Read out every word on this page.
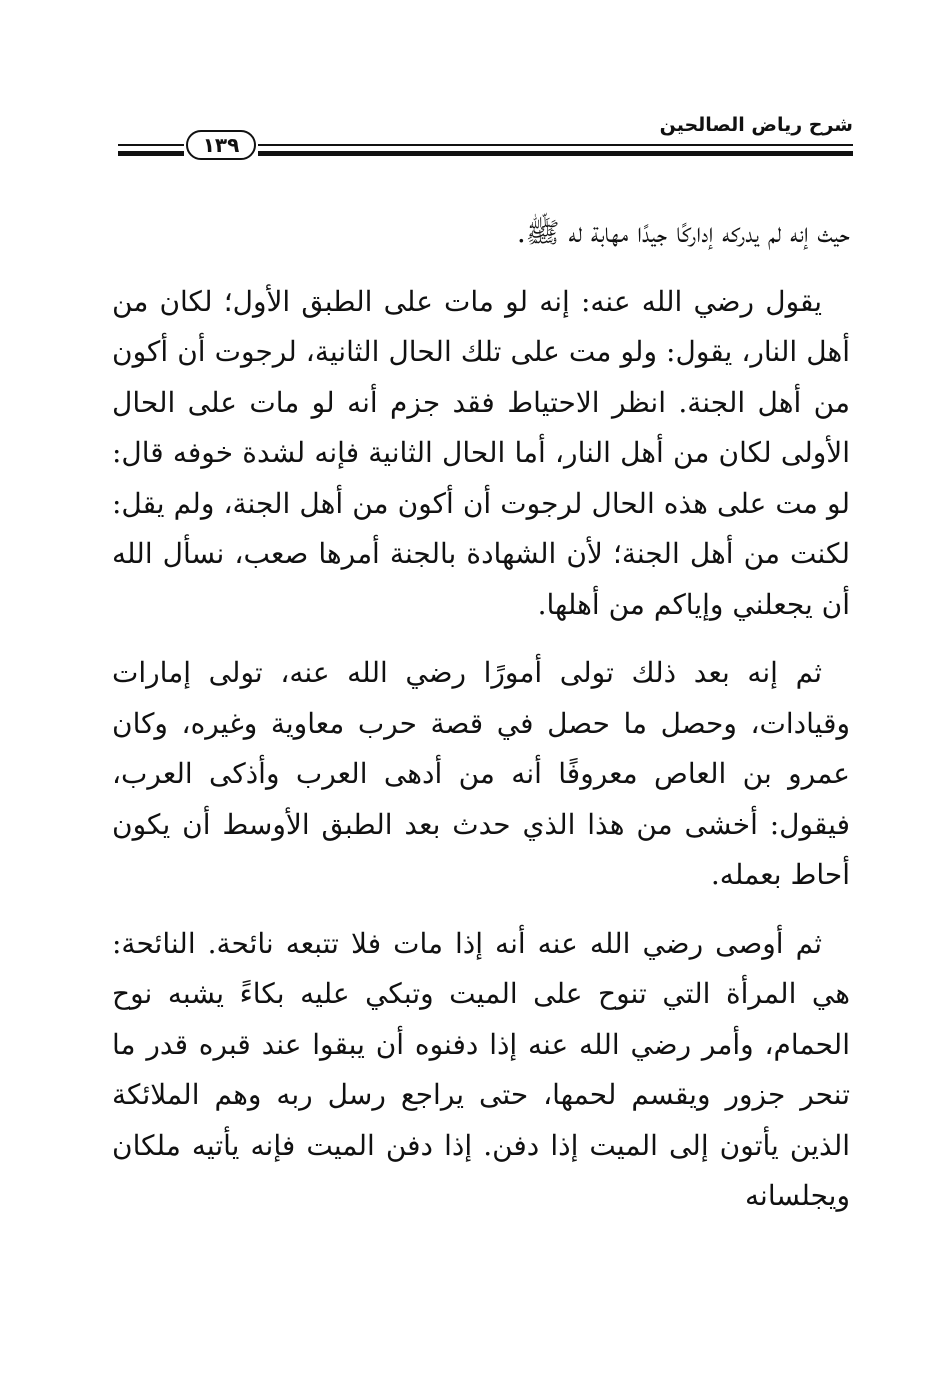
شرح رياض الصالحين
١٣٩

حيث إنه لم يدركه إداركًا جيدًا مهابة له ﷺ.

يقول رضي الله عنه: إنه لو مات على الطبق الأول؛ لكان من أهل النار، يقول: ولو مت على تلك الحال الثانية، لرجوت أن أكون من أهل الجنة. انظر الاحتياط فقد جزم أنه لو مات على الحال الأولى لكان من أهل النار، أما الحال الثانية فإنه لشدة خوفه قال: لو مت على هذه الحال لرجوت أن أكون من أهل الجنة، ولم يقل: لكنت من أهل الجنة؛ لأن الشهادة بالجنة أمرها صعب، نسأل الله أن يجعلني وإياكم من أهلها.

ثم إنه بعد ذلك تولى أمورًا رضي الله عنه، تولى إمارات وقيادات، وحصل ما حصل في قصة حرب معاوية وغيره، وكان عمرو بن العاص معروفًا أنه من أدهى العرب وأذكى العرب، فيقول: أخشى من هذا الذي حدث بعد الطبق الأوسط أن يكون أحاط بعمله.

ثم أوصى رضي الله عنه أنه إذا مات فلا تتبعه نائحة. النائحة: هي المرأة التي تنوح على الميت وتبكي عليه بكاءً يشبه نوح الحمام، وأمر رضي الله عنه إذا دفنوه أن يبقوا عند قبره قدر ما تنحر جزور ويقسم لحمها، حتى يراجع رسل ربه وهم الملائكة الذين يأتون إلى الميت إذا دفن. إذا دفن الميت فإنه يأتيه ملكان ويجلسانه
